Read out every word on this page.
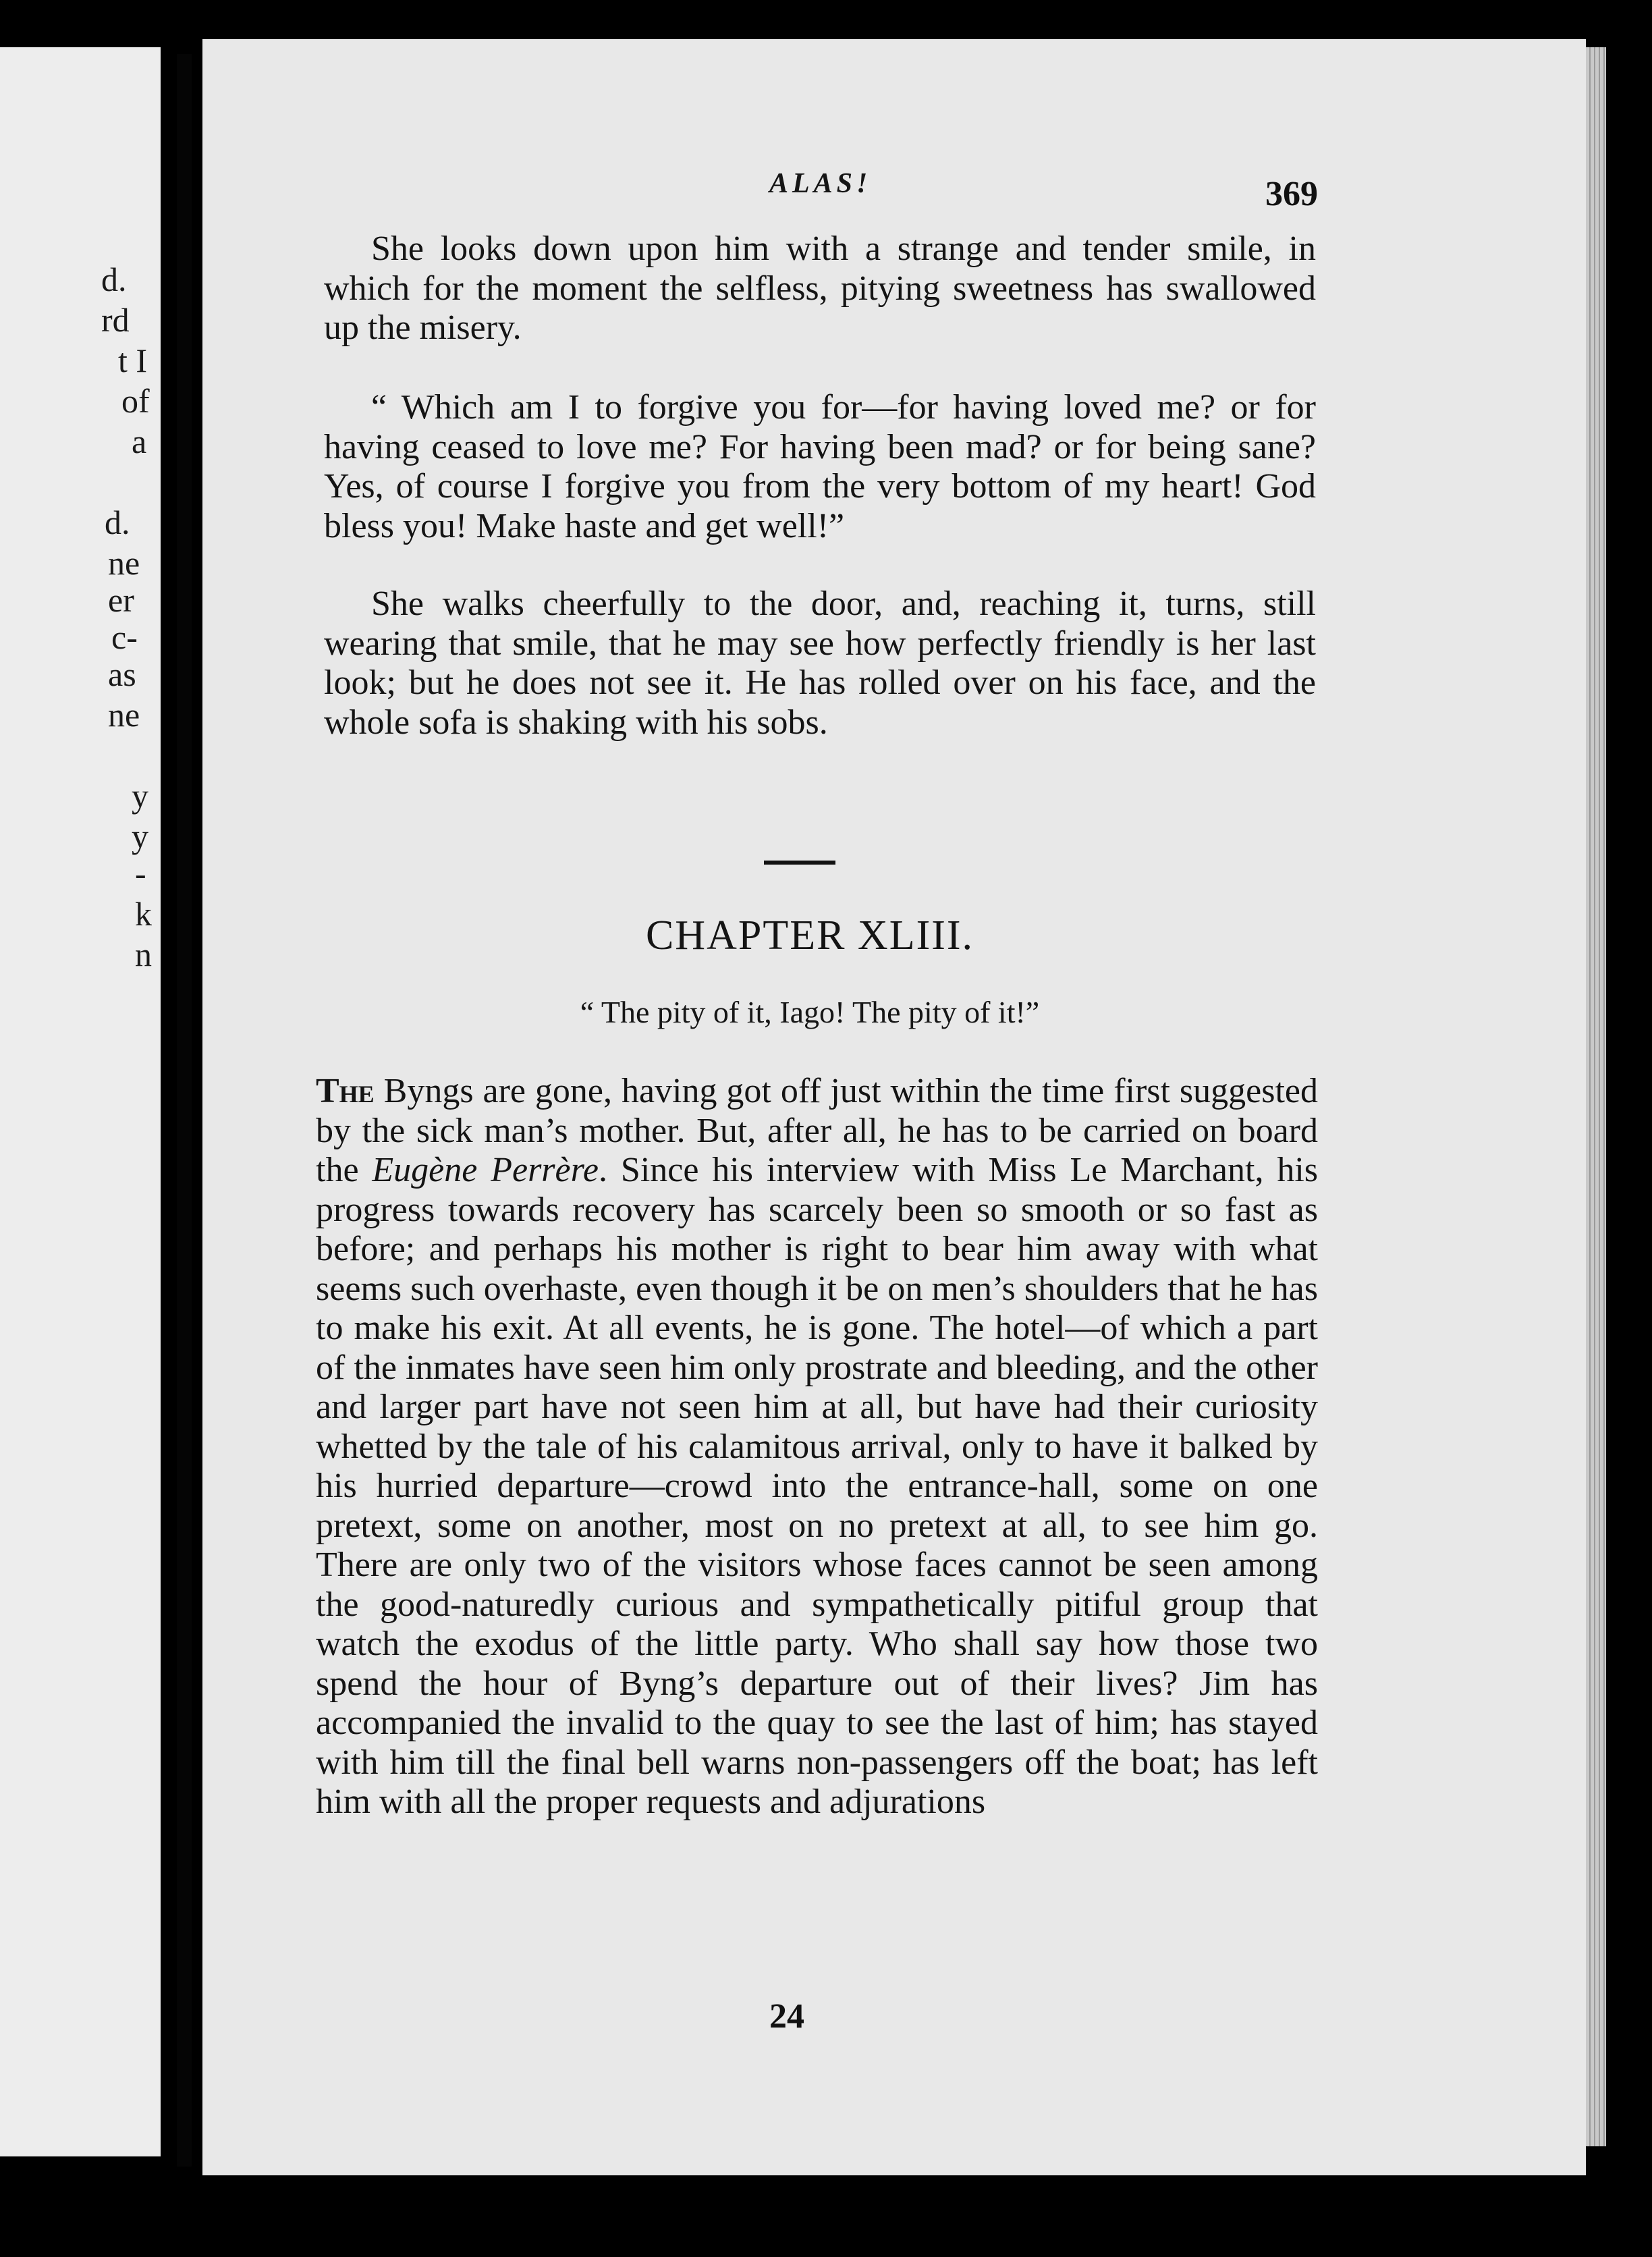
d.
rd
t I
of
a
d.
ne
er
c-
as
ne
y
y
-
k
n
ALAS!	369

She looks down upon him with a strange and tender smile, in which for the moment the selfless, pitying sweetness has swallowed up the misery.

“ Which am I to forgive you for—for having loved me? or for having ceased to love me? For having been mad? or for being sane? Yes, of course I forgive you from the very bottom of my heart! God bless you! Make haste and get well!”

She walks cheerfully to the door, and, reaching it, turns, still wearing that smile, that he may see how perfectly friendly is her last look; but he does not see it. He has rolled over on his face, and the whole sofa is shaking with his sobs.

CHAPTER XLIII.
“ The pity of it, Iago! The pity of it!”

The Byngs are gone, having got off just within the time first suggested by the sick man’s mother. But, after all, he has to be carried on board the Eugène Perrère. Since his interview with Miss Le Marchant, his progress towards recovery has scarcely been so smooth or so fast as before; and perhaps his mother is right to bear him away with what seems such overhaste, even though it be on men’s shoulders that he has to make his exit. At all events, he is gone. The hotel—of which a part of the inmates have seen him only prostrate and bleeding, and the other and larger part have not seen him at all, but have had their curiosity whetted by the tale of his calamitous arrival, only to have it balked by his hurried departure—crowd into the entrance-hall, some on one pretext, some on another, most on no pretext at all, to see him go. There are only two of the visitors whose faces cannot be seen among the good-naturedly curious and sympathetically pitiful group that watch the exodus of the little party. Who shall say how those two spend the hour of Byng’s departure out of their lives? Jim has accompanied the invalid to the quay to see the last of him; has stayed with him till the final bell warns non-passengers off the boat; has left him with all the proper requests and adjurations

24
